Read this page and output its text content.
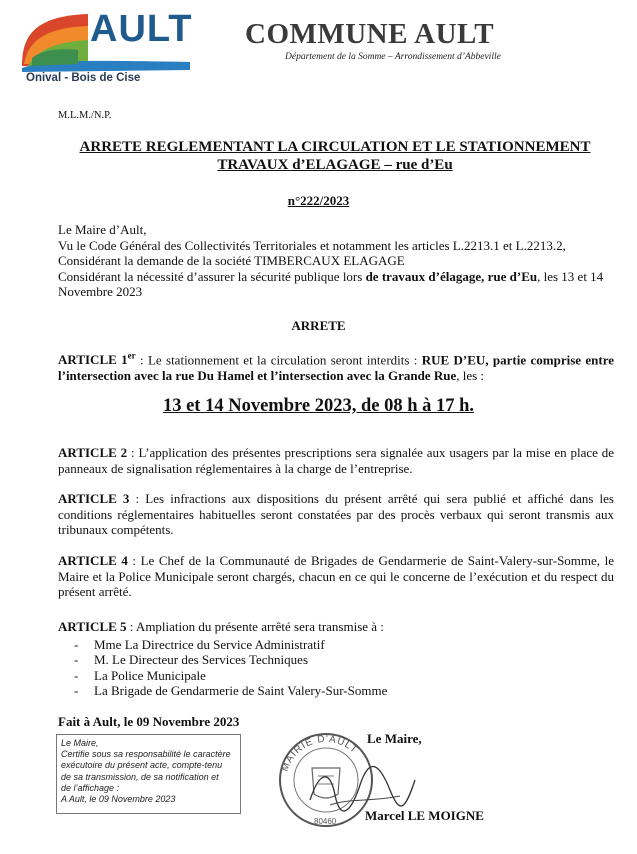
AULT
Onival - Bois de Cise
COMMUNE AULT
Département de la Somme – Arrondissement d’Abbeville
M.L.M./N.P.
ARRETE REGLEMENTANT LA CIRCULATION ET LE STATIONNEMENT
TRAVAUX d’ELAGAGE – rue d’Eu
n°222/2023
Le Maire d’Ault,
Vu le Code Général des Collectivités Territoriales et notamment les articles L.2213.1 et L.2213.2,
Considérant la demande de la société TIMBERCAUX ELAGAGE
Considérant la nécessité d’assurer la sécurité publique lors de travaux d’élagage, rue d’Eu, les 13 et 14 Novembre 2023
ARRETE
ARTICLE 1er : Le stationnement et la circulation seront interdits : RUE D’EU, partie comprise entre l’intersection avec la rue Du Hamel et l’intersection avec la Grande Rue, les :
13 et 14 Novembre 2023, de 08 h à 17 h.
ARTICLE 2 : L’application des présentes prescriptions sera signalée aux usagers par la mise en place de panneaux de signalisation réglementaires à la charge de l’entreprise.
ARTICLE 3 : Les infractions aux dispositions du présent arrêté qui sera publié et affiché dans les conditions réglementaires habituelles seront constatées par des procès verbaux qui seront transmis aux tribunaux compétents.
ARTICLE 4 : Le Chef de la Communauté de Brigades de Gendarmerie de Saint-Valery-sur-Somme, le Maire et la Police Municipale seront chargés, chacun en ce qui le concerne de l’exécution et du respect du présent arrêté.
ARTICLE 5 : Ampliation du présente arrêté sera transmise à :
- Mme La Directrice du Service Administratif
- M. Le Directeur des Services Techniques
- La Police Municipale
- La Brigade de Gendarmerie de Saint Valery-Sur-Somme
Fait à Ault, le 09 Novembre 2023
Le Maire,
Certifie sous sa responsabilité le caractère
exécutoire du présent acte, compte-tenu
de sa transmission, de sa notification et
de l’affichage :
A Ault, le 09 Novembre 2023
MAIRIE D'AULT
80460
Le Maire,
Marcel LE MOIGNE
